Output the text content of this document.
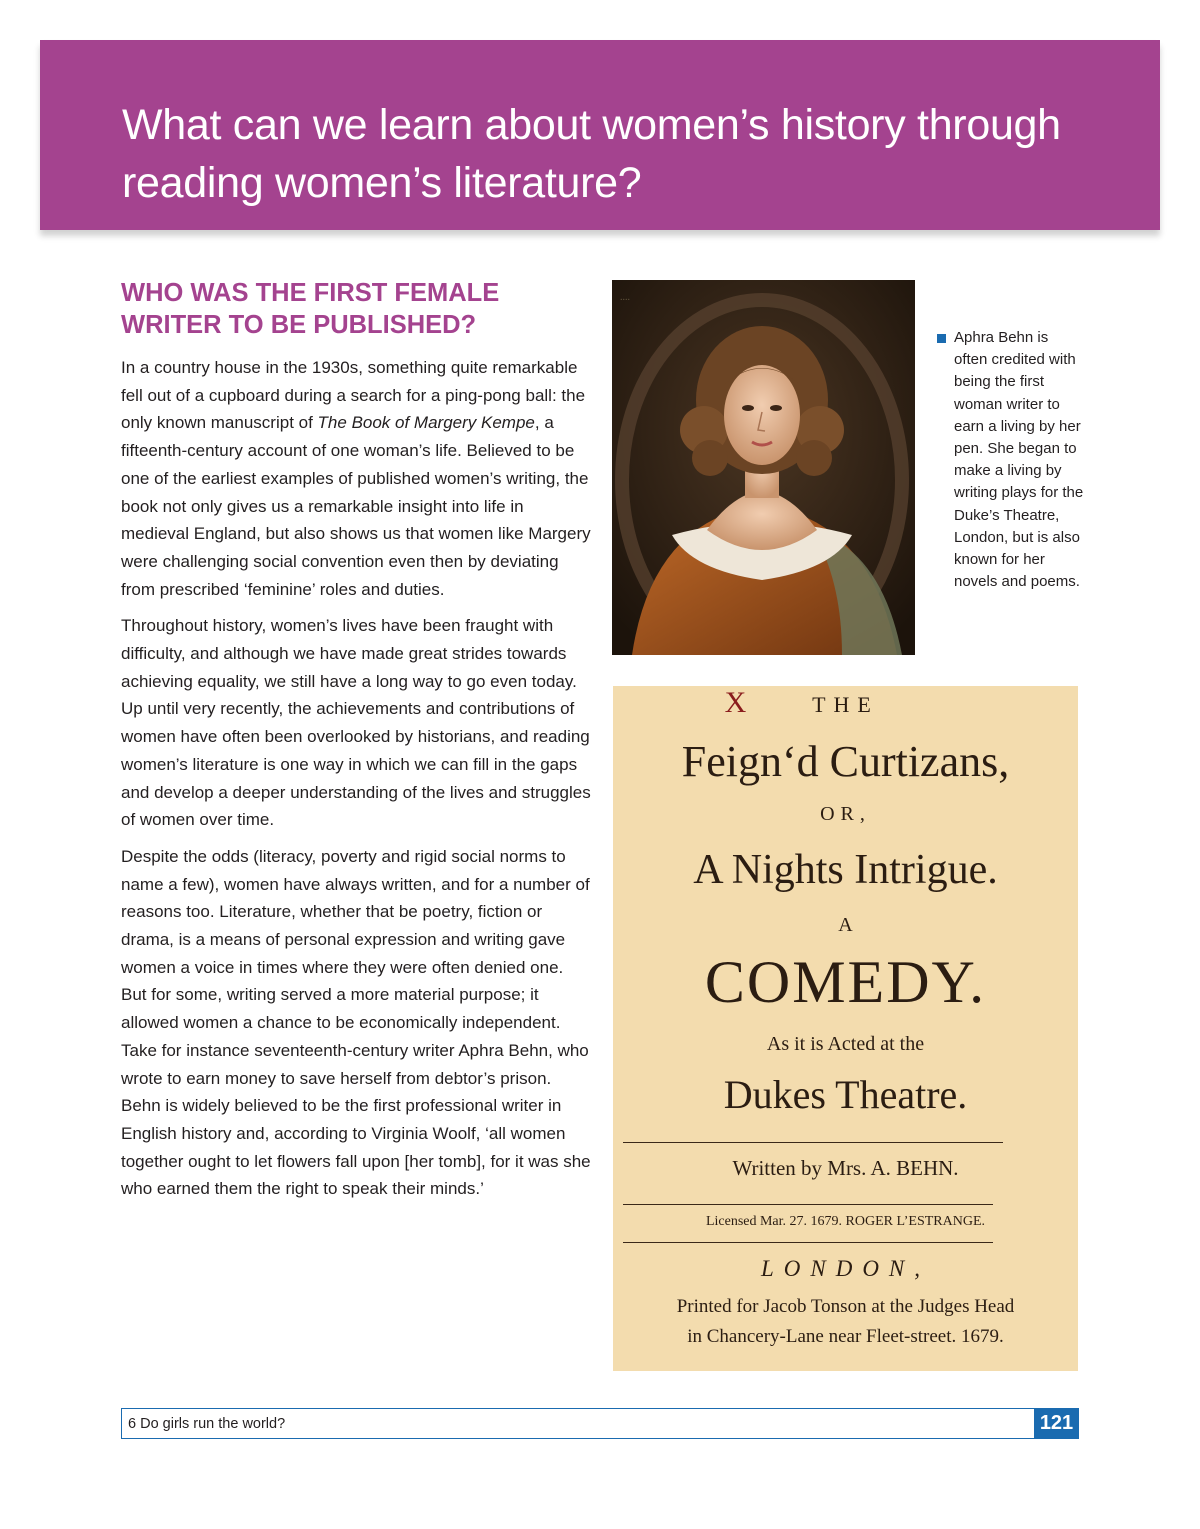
What can we learn about women’s history through reading women’s literature?
WHO WAS THE FIRST FEMALE WRITER TO BE PUBLISHED?

In a country house in the 1930s, something quite remarkable fell out of a cupboard during a search for a ping-pong ball: the only known manuscript of The Book of Margery Kempe, a fifteenth-century account of one woman’s life. Believed to be one of the earliest examples of published women’s writing, the book not only gives us a remarkable insight into life in medieval England, but also shows us that women like Margery were challenging social convention even then by deviating from prescribed ‘feminine’ roles and duties.

Throughout history, women’s lives have been fraught with difficulty, and although we have made great strides towards achieving equality, we still have a long way to go even today. Up until very recently, the achievements and contributions of women have often been overlooked by historians, and reading women’s literature is one way in which we can fill in the gaps and develop a deeper understanding of the lives and struggles of women over time.

Despite the odds (literacy, poverty and rigid social norms to name a few), women have always written, and for a number of reasons too. Literature, whether that be poetry, fiction or drama, is a means of personal expression and writing gave women a voice in times where they were often denied one. But for some, writing served a more material purpose; it allowed women a chance to be economically independent. Take for instance seventeenth-century writer Aphra Behn, who wrote to earn money to save herself from debtor’s prison. Behn is widely believed to be the first professional writer in English history and, according to Virginia Woolf, ‘all women together ought to let flowers fall upon [her tomb], for it was she who earned them the right to speak their minds.’

....

Aphra Behn is often credited with being the first woman writer to earn a living by her pen. She began to make a living by writing plays for the Duke’s Theatre, London, but is also known for her novels and poems.

X	THE
Feign‘d Curtizans,
OR,
A Nights Intrigue.
A
COMEDY.
As it is Acted at the
Dukes Theatre.
Written by Mrs. A. BEHN.
Licensed Mar. 27. 1679. ROGER L’ESTRANGE.
LONDON,
Printed for Jacob Tonson at the Judges Head
in Chancery-Lane near Fleet-street. 1679.
6 Do girls run the world?	121
